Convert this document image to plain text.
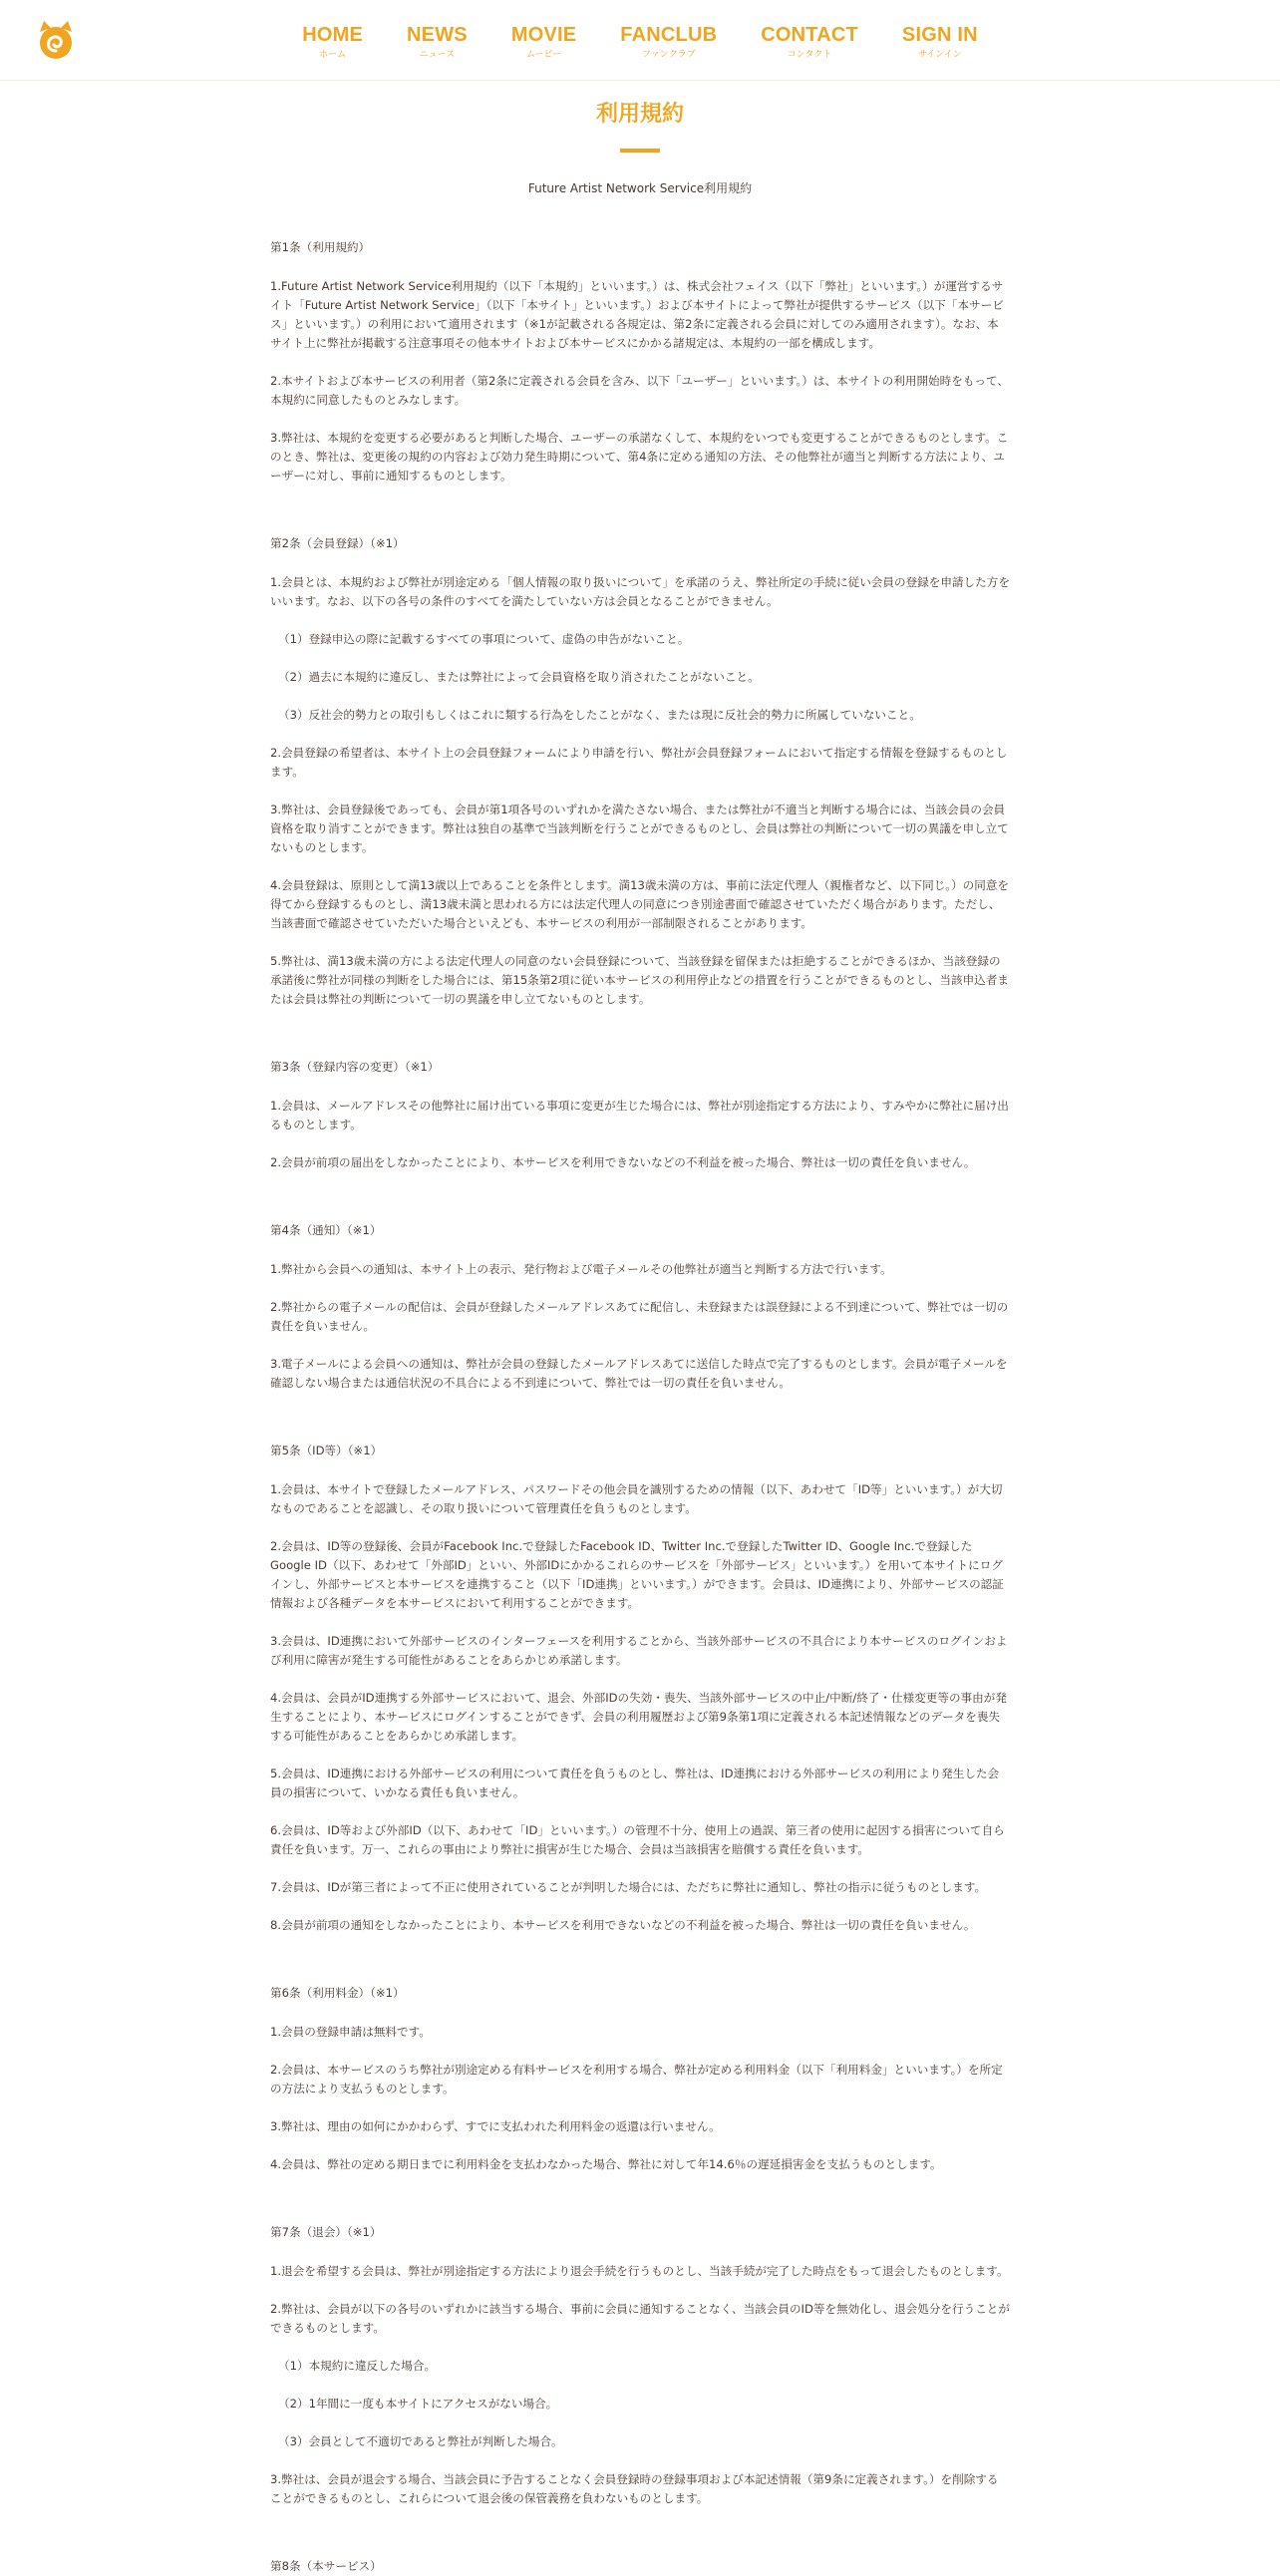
HOME
ホーム
NEWS
ニュース
MOVIE
ムービー
FANCLUB
ファンクラブ
CONTACT
コンタクト
SIGN IN
サインイン
利用規約
Future Artist Network Service利用規約
第1条（利用規約）
1.Future Artist Network Service利用規約（以下「本規約」といいます。）は、株式会社フェイス（以下「弊社」といいます。）が運営するサイト「Future Artist Network Service」（以下「本サイト」といいます。）および本サイトによって弊社が提供するサービス（以下「本サービス」といいます。）の利用において適用されます（※1が記載される各規定は、第2条に定義される会員に対してのみ適用されます）。なお、本サイト上に弊社が掲載する注意事項その他本サイトおよび本サービスにかかる諸規定は、本規約の一部を構成します。
2.本サイトおよび本サービスの利用者（第2条に定義される会員を含み、以下「ユーザー」といいます。）は、本サイトの利用開始時をもって、本規約に同意したものとみなします。
3.弊社は、本規約を変更する必要があると判断した場合、ユーザーの承諾なくして、本規約をいつでも変更することができるものとします。このとき、弊社は、変更後の規約の内容および効力発生時期について、第4条に定める通知の方法、その他弊社が適当と判断する方法により、ユーザーに対し、事前に通知するものとします。
第2条（会員登録）（※1）
1.会員とは、本規約および弊社が別途定める「個人情報の取り扱いについて」を承諾のうえ、弊社所定の手続に従い会員の登録を申請した方をいいます。なお、以下の各号の条件のすべてを満たしていない方は会員となることができません。
（1）登録申込の際に記載するすべての事項について、虚偽の申告がないこと。
（2）過去に本規約に違反し、または弊社によって会員資格を取り消されたことがないこと。
（3）反社会的勢力との取引もしくはこれに類する行為をしたことがなく、または現に反社会的勢力に所属していないこと。
2.会員登録の希望者は、本サイト上の会員登録フォームにより申請を行い、弊社が会員登録フォームにおいて指定する情報を登録するものとします。
3.弊社は、会員登録後であっても、会員が第1項各号のいずれかを満たさない場合、または弊社が不適当と判断する場合には、当該会員の会員資格を取り消すことができます。弊社は独自の基準で当該判断を行うことができるものとし、会員は弊社の判断について一切の異議を申し立てないものとします。
4.会員登録は、原則として満13歳以上であることを条件とします。満13歳未満の方は、事前に法定代理人（親権者など、以下同じ。）の同意を得てから登録するものとし、満13歳未満と思われる方には法定代理人の同意につき別途書面で確認させていただく場合があります。ただし、当該書面で確認させていただいた場合といえども、本サービスの利用が一部制限されることがあります。
5.弊社は、満13歳未満の方による法定代理人の同意のない会員登録について、当該登録を留保または拒絶することができるほか、当該登録の承諾後に弊社が同様の判断をした場合には、第15条第2項に従い本サービスの利用停止などの措置を行うことができるものとし、当該申込者または会員は弊社の判断について一切の異議を申し立てないものとします。
第3条（登録内容の変更）（※1）
1.会員は、メールアドレスその他弊社に届け出ている事項に変更が生じた場合には、弊社が別途指定する方法により、すみやかに弊社に届け出るものとします。
2.会員が前項の届出をしなかったことにより、本サービスを利用できないなどの不利益を被った場合、弊社は一切の責任を負いません。
第4条（通知）（※1）
1.弊社から会員への通知は、本サイト上の表示、発行物および電子メールその他弊社が適当と判断する方法で行います。
2.弊社からの電子メールの配信は、会員が登録したメールアドレスあてに配信し、未登録または誤登録による不到達について、弊社では一切の責任を負いません。
3.電子メールによる会員への通知は、弊社が会員の登録したメールアドレスあてに送信した時点で完了するものとします。会員が電子メールを確認しない場合または通信状況の不具合による不到達について、弊社では一切の責任を負いません。
第5条（ID等）（※1）
1.会員は、本サイトで登録したメールアドレス、パスワードその他会員を識別するための情報（以下、あわせて「ID等」といいます。）が大切なものであることを認識し、その取り扱いについて管理責任を負うものとします。
2.会員は、ID等の登録後、会員がFacebook Inc.で登録したFacebook ID、Twitter Inc.で登録したTwitter ID、Google Inc.で登録したGoogle ID（以下、あわせて「外部ID」といい、外部IDにかかるこれらのサービスを「外部サービス」といいます。）を用いて本サイトにログインし、外部サービスと本サービスを連携すること（以下「ID連携」といいます。）ができます。会員は、ID連携により、外部サービスの認証情報および各種データを本サービスにおいて利用することができます。
3.会員は、ID連携において外部サービスのインターフェースを利用することから、当該外部サービスの不具合により本サービスのログインおよび利用に障害が発生する可能性があることをあらかじめ承諾します。
4.会員は、会員がID連携する外部サービスにおいて、退会、外部IDの失効・喪失、当該外部サービスの中止/中断/終了・仕様変更等の事由が発生することにより、本サービスにログインすることができず、会員の利用履歴および第9条第1項に定義される本記述情報などのデータを喪失する可能性があることをあらかじめ承諾します。
5.会員は、ID連携における外部サービスの利用について責任を負うものとし、弊社は、ID連携における外部サービスの利用により発生した会員の損害について、いかなる責任も負いません。
6.会員は、ID等および外部ID（以下、あわせて「ID」といいます。）の管理不十分、使用上の過誤、第三者の使用に起因する損害について自ら責任を負います。万一、これらの事由により弊社に損害が生じた場合、会員は当該損害を賠償する責任を負います。
7.会員は、IDが第三者によって不正に使用されていることが判明した場合には、ただちに弊社に通知し、弊社の指示に従うものとします。
8.会員が前項の通知をしなかったことにより、本サービスを利用できないなどの不利益を被った場合、弊社は一切の責任を負いません。
第6条（利用料金）（※1）
1.会員の登録申請は無料です。
2.会員は、本サービスのうち弊社が別途定める有料サービスを利用する場合、弊社が定める利用料金（以下「利用料金」といいます。）を所定の方法により支払うものとします。
3.弊社は、理由の如何にかかわらず、すでに支払われた利用料金の返還は行いません。
4.会員は、弊社の定める期日までに利用料金を支払わなかった場合、弊社に対して年14.6％の遅延損害金を支払うものとします。
第7条（退会）（※1）
1.退会を希望する会員は、弊社が別途指定する方法により退会手続を行うものとし、当該手続が完了した時点をもって退会したものとします。
2.弊社は、会員が以下の各号のいずれかに該当する場合、事前に会員に通知することなく、当該会員のID等を無効化し、退会処分を行うことができるものとします。
（1）本規約に違反した場合。
（2）1年間に一度も本サイトにアクセスがない場合。
（3）会員として不適切であると弊社が判断した場合。
3.弊社は、会員が退会する場合、当該会員に予告することなく会員登録時の登録事項および本記述情報（第9条に定義されます。）を削除することができるものとし、これらについて退会後の保管義務を負わないものとします。
第8条（本サービス）
